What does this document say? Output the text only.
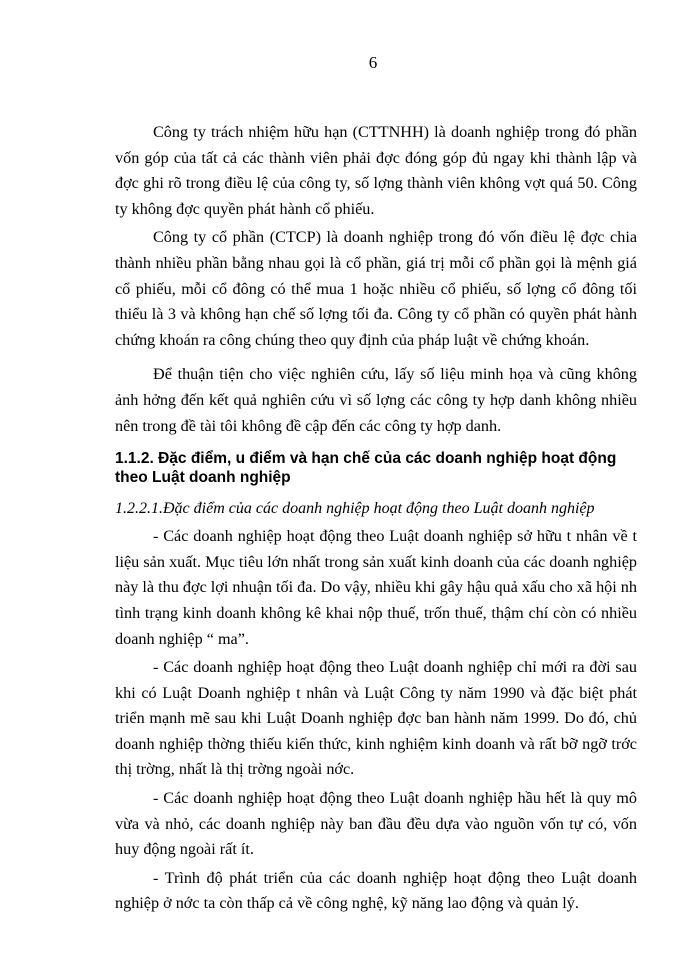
6

Công ty trách nhiệm hữu hạn (CTTNHH) là doanh nghiệp trong đó phần vốn góp của tất cả các thành viên phải đợc đóng góp đủ ngay khi thành lập và đợc ghi rõ trong điều lệ của công ty, số lợng thành viên không vợt quá 50. Công ty không đợc quyền phát hành cổ phiếu.

Công ty cổ phần (CTCP) là doanh nghiệp trong đó vốn điều lệ đợc chia thành nhiều phần bằng nhau gọi là cổ phần, giá trị mỗi cổ phần gọi là mệnh giá cổ phiếu, mỗi cổ đông có thể mua 1 hoặc nhiều cổ phiếu, số lợng cổ đông tối thiểu là 3 và không hạn chế số lợng tối đa. Công ty cổ phần có quyền phát hành chứng khoán ra công chúng theo quy định của pháp luật về chứng khoán.

Để thuận tiện cho việc nghiên cứu, lấy số liệu minh họa và cũng không ảnh hởng đến kết quả nghiên cứu vì số lợng các công ty hợp danh không nhiều nên trong đề tài tôi không đề cập đến các công ty hợp danh.

1.1.2. Đặc điểm, u điểm và hạn chế của các doanh nghiệp hoạt động theo Luật doanh nghiệp
1.2.2.1.Đặc điểm của các doanh nghiệp hoạt động theo Luật doanh nghiệp

- Các doanh nghiệp hoạt động theo Luật doanh nghiệp sở hữu t nhân về t liệu sản xuất. Mục tiêu lớn nhất trong sản xuất kinh doanh của các doanh nghiệp này là thu đợc lợi nhuận tối đa. Do vậy, nhiều khi gây hậu quả xấu cho xã hội nh tình trạng kinh doanh không kê khai nộp thuế, trốn thuế, thậm chí còn có nhiều doanh nghiệp “ ma”.

- Các doanh nghiệp hoạt động theo Luật doanh nghiệp chỉ mới ra đời sau khi có Luật Doanh nghiệp t nhân và Luật Công ty năm 1990 và đặc biệt phát triển mạnh mẽ sau khi Luật Doanh nghiệp đợc ban hành năm 1999. Do đó, chủ doanh nghiệp thờng thiếu kiến thức, kinh nghiệm kinh doanh và rất bỡ ngỡ trớc thị trờng, nhất là thị trờng ngoài nớc.

- Các doanh nghiệp hoạt động theo Luật doanh nghiệp hầu hết là quy mô vừa và nhỏ, các doanh nghiệp này ban đầu đều dựa vào nguồn vốn tự có, vốn huy động ngoài rất ít.

- Trình độ phát triển của các doanh nghiệp hoạt động theo Luật doanh nghiệp ở nớc ta còn thấp cả về công nghệ, kỹ năng lao động và quản lý.
